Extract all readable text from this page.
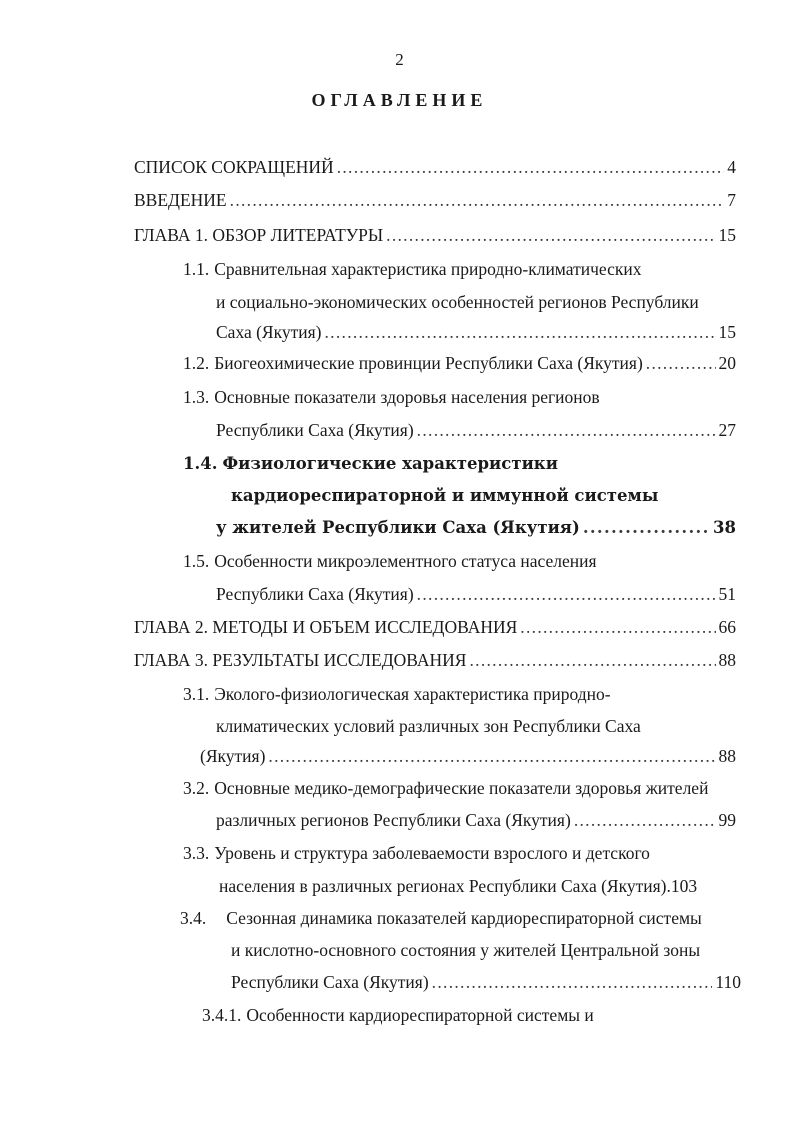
2
ОГЛАВЛЕНИЕ
СПИСОК СОКРАЩЕНИЙ .....	4
ВВЕДЕНИЕ .....	7
ГЛАВА 1. ОБЗОР ЛИТЕРАТУРЫ .....	15
1.1. Сравнительная характеристика природно-климатических
и социально-экономических особенностей регионов Республики
Саха (Якутия) .....	15
1.2. Биогеохимические провинции Республики Саха (Якутия) .....	20
1.3. Основные показатели здоровья населения регионов
Республики Саха (Якутия) .....	27
1.4. Физиологические характеристики
кардиореспираторной и иммунной системы
у жителей Республики Саха (Якутия) .....	38
1.5. Особенности микроэлементного статуса населения
Республики Саха (Якутия) .....	51
ГЛАВА 2. МЕТОДЫ И ОБЪЕМ ИССЛЕДОВАНИЯ .....	66
ГЛАВА 3. РЕЗУЛЬТАТЫ ИССЛЕДОВАНИЯ .....	88
3.1. Эколого-физиологическая характеристика природно-
климатических условий различных зон Республики Саха
(Якутия) .....	88
3.2. Основные медико-демографические показатели здоровья жителей
различных регионов Республики Саха (Якутия) .....	99
3.3. Уровень и структура заболеваемости взрослого и детского
населения в различных регионах Республики Саха (Якутия). 103
3.4. Сезонная динамика показателей кардиореспираторной системы
и кислотно-основного состояния у жителей Центральной зоны
Республики Саха (Якутия) .....	110
3.4.1. Особенности кардиореспираторной системы и
